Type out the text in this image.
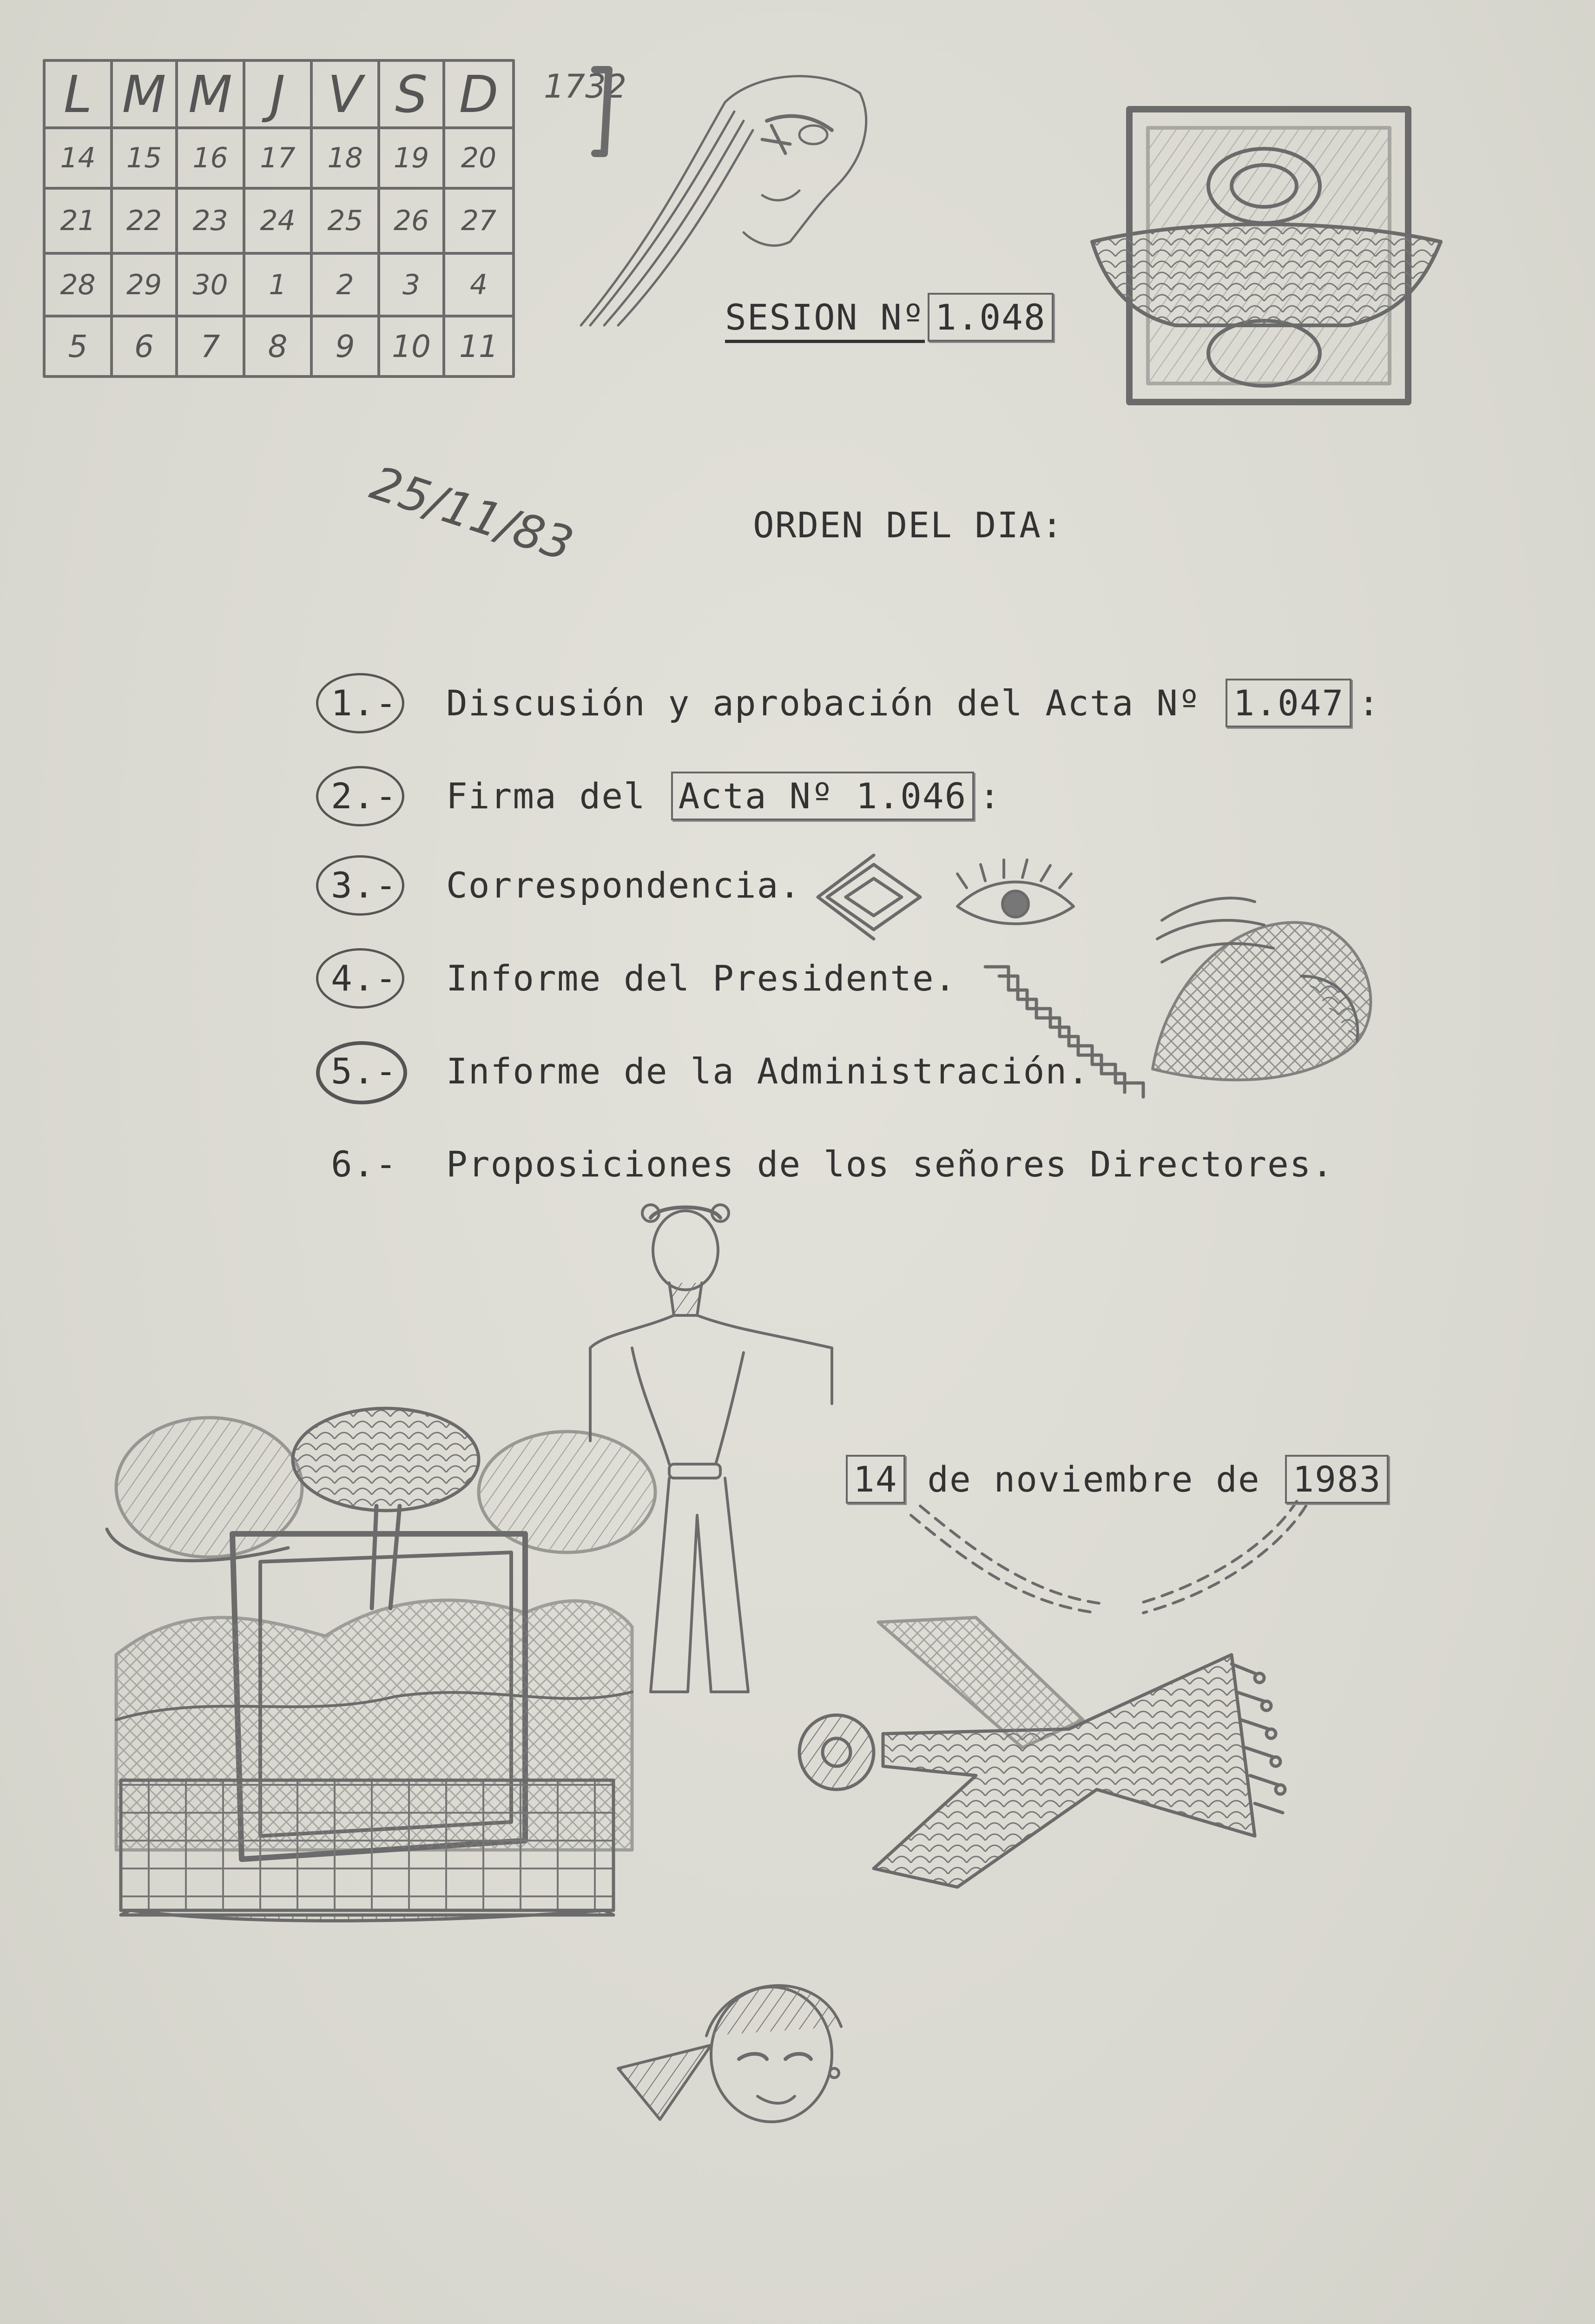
1732
L M M J V S D
14	15	16	17	18	19	20
21	22	23	24	25	26	27
28	29	30	1	2	3	4
5	6	7	8	9	10 11
SESION Nº 1.048
25/11/83	ORDEN DEL DIA:
1.- Discusión y aprobación del Acta Nº 1.047 :
2.- Firma del Acta Nº 1.046 :
3.- Correspondencia.
4.- Informe del Presidente.
5.- Informe de la Administración.
6.- Proposiciones de los señores Directores.
14 de noviembre de 1983
